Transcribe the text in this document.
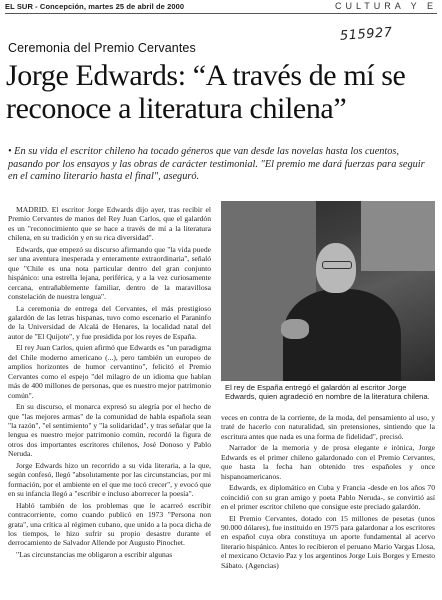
EL SUR - Concepción, martes 25 de abril de 2000	CULTURA Y E
515927
Ceremonia del Premio Cervantes
Jorge Edwards: “A través de mí se reconoce a literatura chilena”

• En su vida el escritor chileno ha tocado géneros que van desde las novelas hasta los cuentos, pasando por los ensayos y las obras de carácter testimonial. "El premio me dará fuerzas para seguir en el camino literario hasta el final", aseguró.

MADRID. El escritor Jorge Edwards dijo ayer, tras recibir el Premio Cervantes de manos del Rey Juan Carlos, que el galardón es un "reconocimiento que se hace a través de mí a la literatura chilena, en su tradición y en su rica diversidad".

Edwards, que empezó su discurso afirmando que "la vida puede ser una aventura inesperada y enteramente extraordinaria", señaló que "Chile es una nota particular dentro del gran conjunto hispánico: una estrella lejana, periférica, y a la vez curiosamente cercana, entrañablemente familiar, dentro de la maravillosa constelación de nuestra lengua".

La ceremonia de entrega del Cervantes, el más prestigioso galardón de las letras hispanas, tuvo como escenario el Paraninfo de la Universidad de Alcalá de Henares, la localidad natal del autor de "El Quijote", y fue presidida por los reyes de España.

El rey Juan Carlos, quien afirmó que Edwards es "un paradigma del Chile moderno americano (...), pero también un europeo de amplios horizontes de humor cervantino", felicitó el Premio Cervantes como el espejo "del milagro de un idioma que hablan más de 400 millones de personas, que es nuestro mejor patrimonio común".

En su discurso, el monarca expresó su alegría por el hecho de que "las mejores armas" de la comunidad de habla española sean "la razón", "el sentimiento" y "la solidaridad", y tras señalar que la lengua es nuestro mejor patrimonio común, recordó la figura de otros dos importantes escritores chilenos, José Donoso y Pablo Neruda.

Jorge Edwards hizo un recorrido a su vida literaria, a la que, según confesó, llegó "absolutamente por las circunstancias, por mi formación, por el ambiente en el que me tocó crecer", y evocó que en su infancia llegó a "escribir e incluso aborrecer la poesía".

Habló también de los problemas que le acarreó escribir contracorriente, como cuando publicó en 1973 "Persona non grata", una crítica al régimen cubano, que unido a la poca dicha de los tiempos, le hizo sufrir su propio desastre durante el derrocamiento de Salvador Allende por Augusto Pinochet.

"Las circunstancias me obligaron a escribir algunas

El rey de España entregó el galardón al escritor Jorge Edwards, quien agradeció en nombre de la literatura chilena.

veces en contra de la corriente, de la moda, del pensamiento al uso, y traté de hacerlo con naturalidad, sin pretensiones, sintiendo que la escritura antes que nada es una forma de fidelidad", precisó.

Narrador de la memoria y de prosa elegante e irónica, Jorge Edwards es el primer chileno galardonado con el Premio Cervantes, que hasta la fecha han obtenido tres españoles y once hispanoamericanos.

Edwards, ex diplomático en Cuba y Francia -desde en los años 70 coincidió con su gran amigo y poeta Pablo Neruda-, se convirtió así en el primer escritor chileno que consigue este preciado galardón.

El Premio Cervantes, dotado con 15 millones de pesetas (unos 90.000 dólares), fue instituido en 1975 para galardonar a los escritores en español cuya obra constituya un aporte fundamental al acervo literario hispánico. Antes lo recibieron el peruano Mario Vargas Llosa, el mexicano Octavio Paz y los argentinos Jorge Luis Borges y Ernesto Sábato. (Agencias)
